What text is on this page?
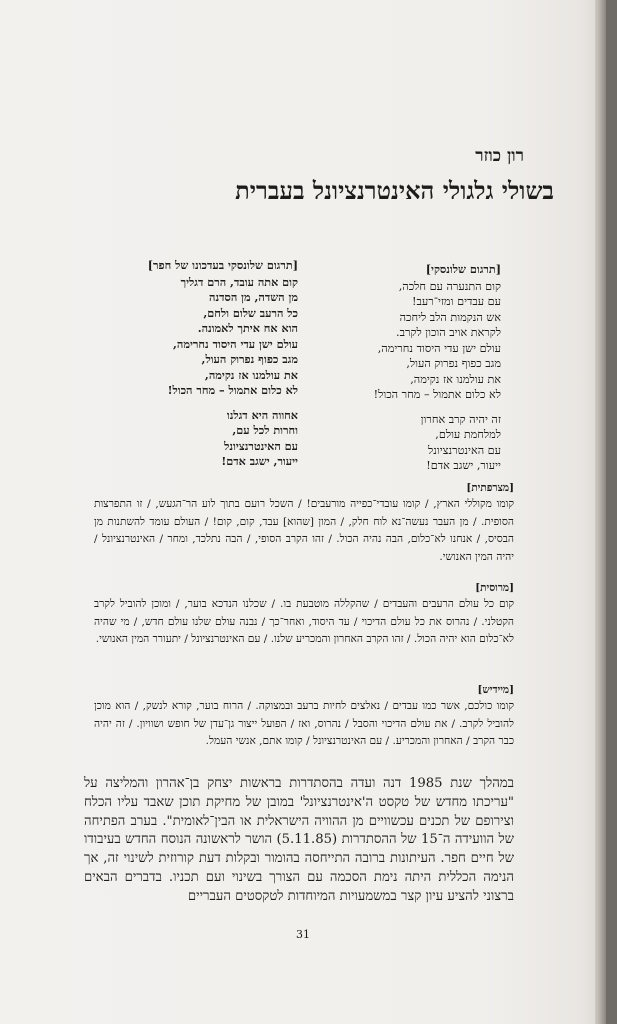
רון כוזר
בשולי גלגולי האינטרנציונל בעברית
[תרגום שלונסקי]
קום התנערה עם חלכה,
עם עבדים ומזי־רעב!
אש הנקמות הלב ליחכה
לקראת אויב הוכון לקרב.
עולם ישן עדי היסוד נחרימה,
מגב כפוף נפרוק העול,
את עולמנו אז נקימה,
לא כלום אתמול – מחר הכול!
זה יהיה קרב אחרון
למלחמת עולם,
עם האינטרנציונל
ייעור, ישגב אדם!
[תרגום שלונסקי בעדכונו של חפר]
קום אתה עובד, הרם דגליך
מן השדה, מן הסדנה
כל הרעב שלום ולחם,
הוא אח איתך לאמונה.
עולם ישן עדי היסוד נחרימה,
מגב כפוף נפרוק העול,
את עולמנו אז נקימה,
לא כלום אתמול – מחר הכול!
אחווה היא דגלנו
וחרות לכל עם,
עם האינטרנציונל
ייעור, ישגב אדם!
[מצרפתית]
קומו מקוללי הארץ, / קומו עובדי־כפייה מורעבים! / השכל רועם בתוך לוע הר־הגעש, / זו התפרצות הסופית. / מן העבר נעשה־נא לוח חלק, / המון [שהוא] עבד, קום, קום! / העולם עומד להשתנות מן הבסיס, / אנחנו לא־כלום, הבה נהיה הכול. / זהו הקרב הסופי, / הבה נתלכד, ומחר / האינטרנציונל / יהיה המין האנושי.
[מרוסית]
קום כל עולם הרעבים והעבדים / שהקללה מוטבעת בו. / שכלנו הנדכא בוער, / ומוכן להוביל לקרב הקטלני. / נהרוס את כל עולם הדיכוי / עד היסוד, ואחר־כך / נבנה עולם שלנו עולם חדש, / מי שהיה לא־כלום הוא יהיה הכול. / זהו הקרב האחרון והמכריע שלנו. / עם האינטרנציונל / יתעורר המין האנושי.
[מיידיש]
קומו כולכם, אשר כמו עבדים / נאלצים לחיות ברעב ובמצוקה. / הרוח בוער, קורא לנשק, / הוא מוכן להוביל לקרב. / את עולם הדיכוי והסבל / נהרוס, ואז / הפועל ייצור גן־עדן של חופש ושוויון. / זה יהיה כבר הקרב / האחרון והמכריע. / עם האינטרנציונל / קומו אתם, אנשי העמל.
במהלך שנת 1985 דנה ועדה בהסתדרות בראשות יצחק בן־אהרון והמליצה על "עריכתו מחדש של טקסט ה'אינטרנציונל' במובן של מחיקת תוכן שאבד עליו הכלח וצירופם של תכנים עכשוויים מן ההוויה הישראלית או הבין־לאומית". בערב הפתיחה של הוועידה ה־15 של ההסתדרות (5.11.85) הושר לראשונה הנוסח החדש בעיבודו של חיים חפר. העיתונות ברובה התייחסה בהומור ובקלות דעת קורוזית לשינוי זה, אך הנימה הכללית היתה נימת הסכמה עם הצורך בשינוי ועם תכניו. בדברים הבאים ברצוני להציע עיון קצר במשמעויות המיוחדות לטקסטים העבריים
31
